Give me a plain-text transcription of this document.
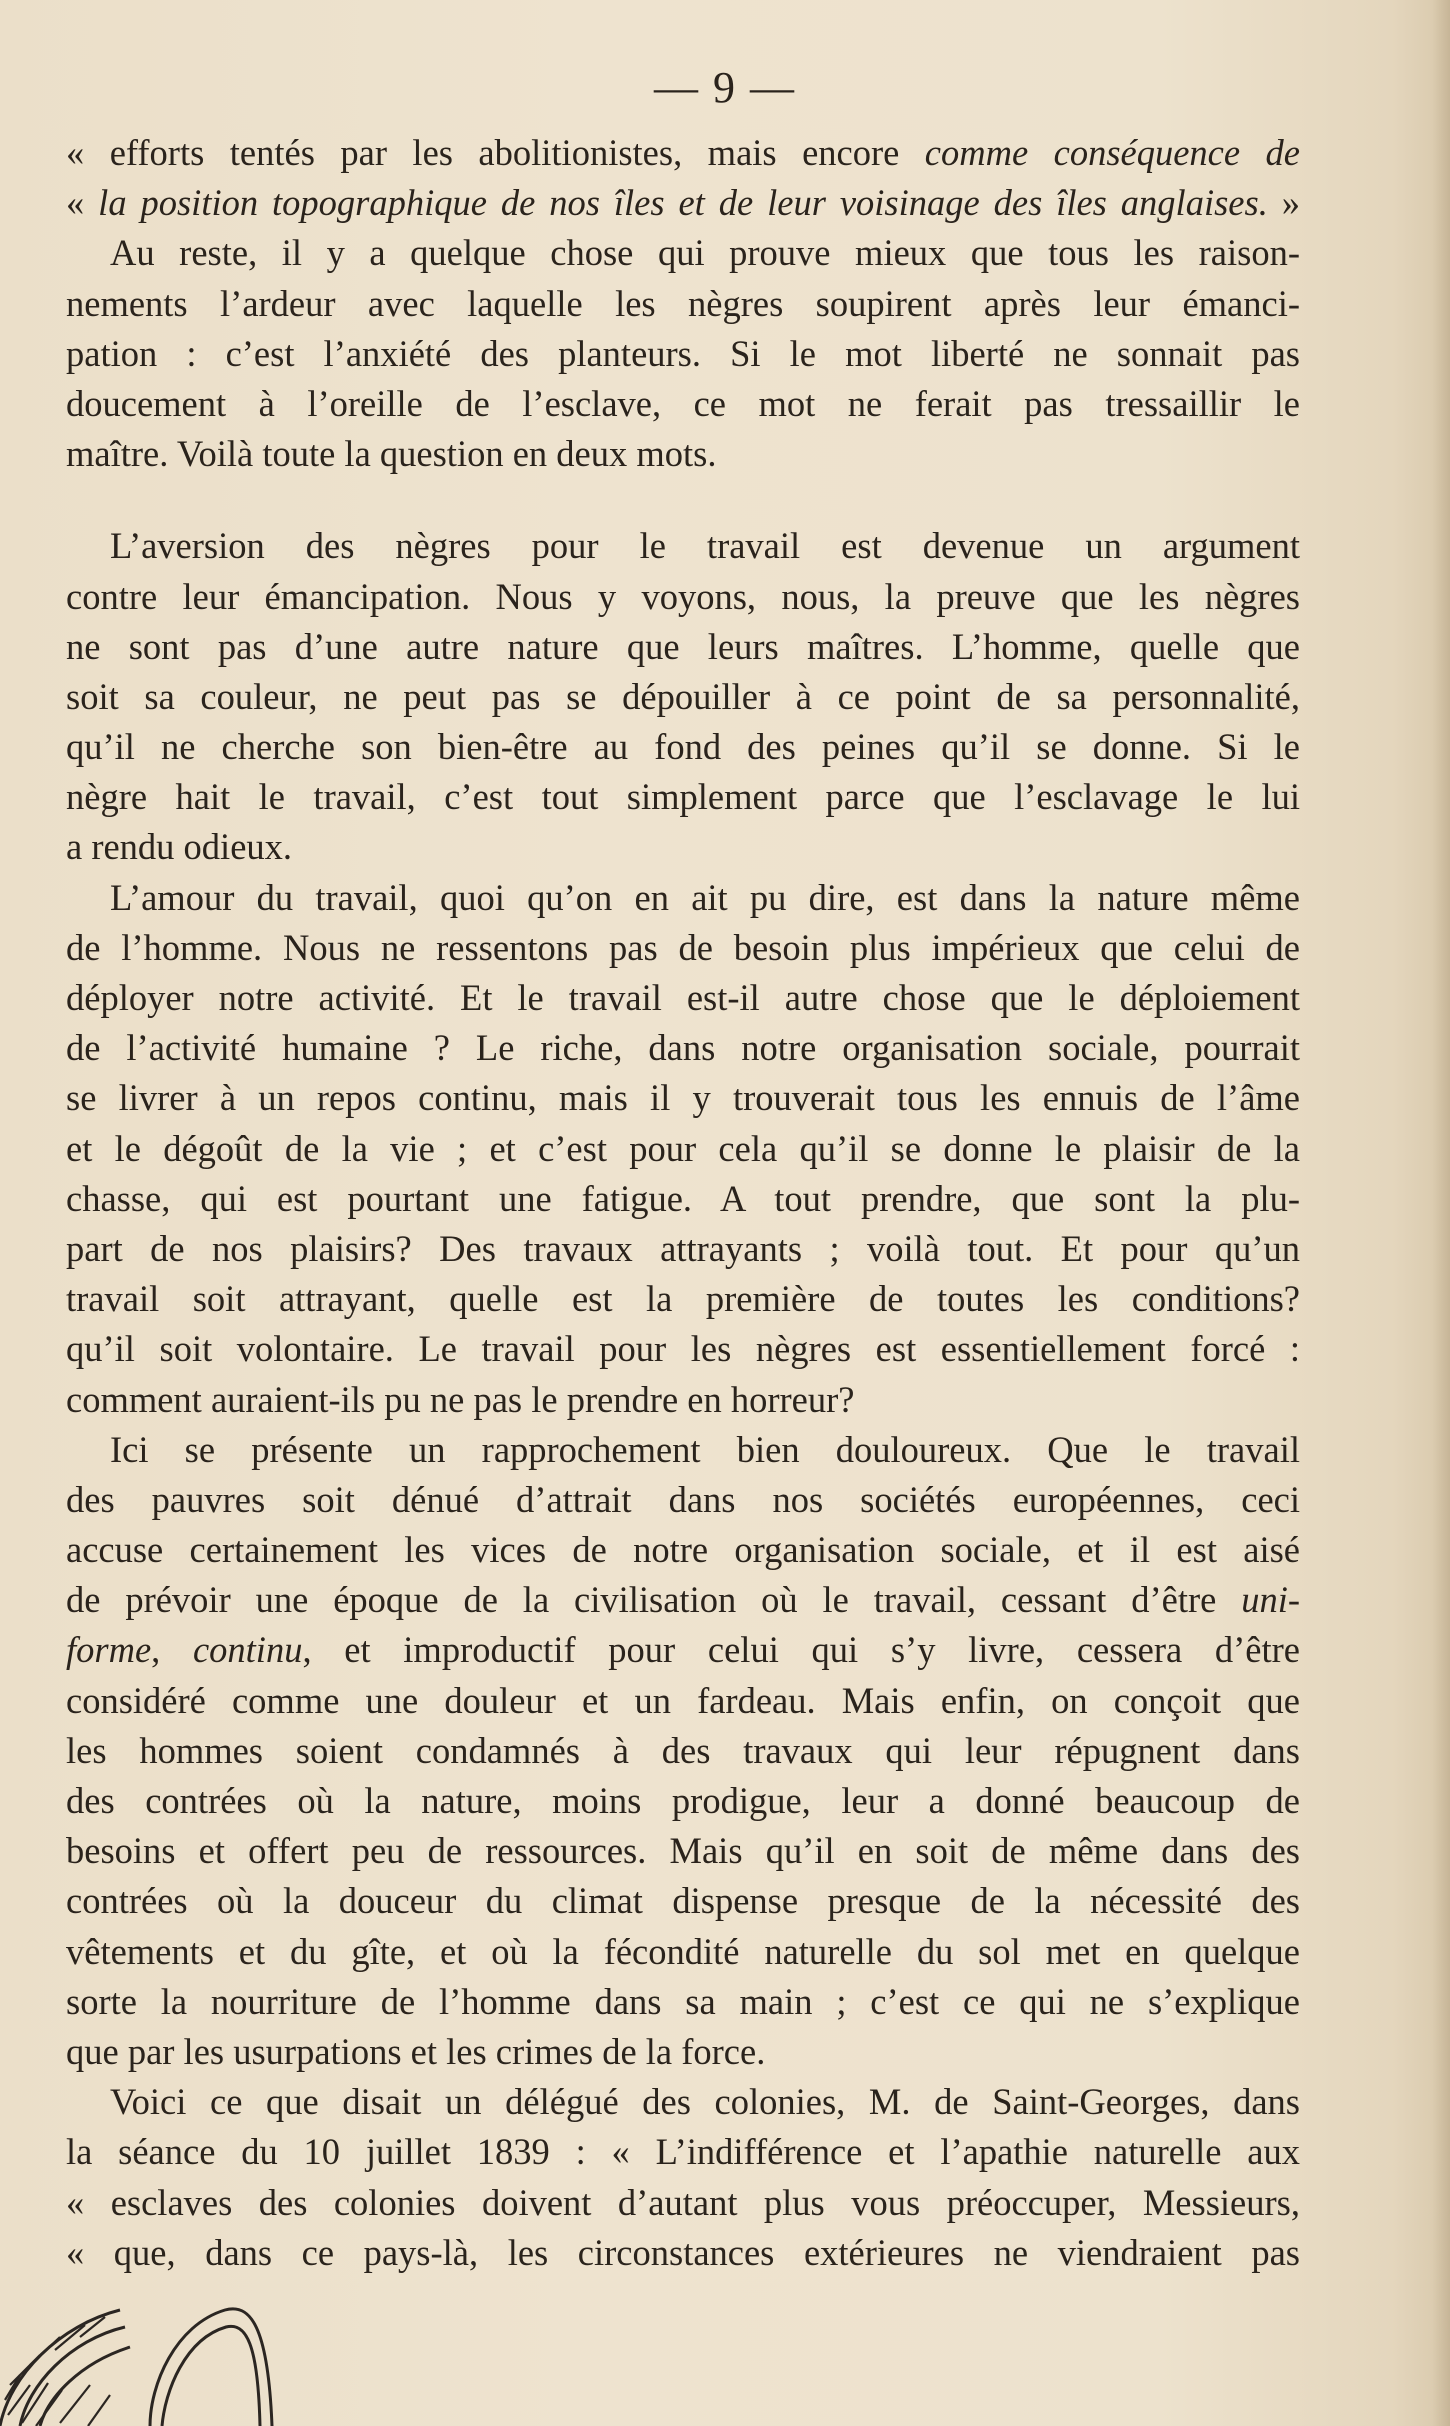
— 9 —
« efforts tentés par les abolitionistes, mais encore comme conséquence de
« la position topographique de nos îles et de leur voisinage des îles anglaises. »
Au reste, il y a quelque chose qui prouve mieux que tous les raison-
nements l’ardeur avec laquelle les nègres soupirent après leur émanci-
pation : c’est l’anxiété des planteurs. Si le mot liberté ne sonnait pas
doucement à l’oreille de l’esclave, ce mot ne ferait pas tressaillir le
maître. Voilà toute la question en deux mots.
L’aversion des nègres pour le travail est devenue un argument
contre leur émancipation. Nous y voyons, nous, la preuve que les nègres
ne sont pas d’une autre nature que leurs maîtres. L’homme, quelle que
soit sa couleur, ne peut pas se dépouiller à ce point de sa personnalité,
qu’il ne cherche son bien-être au fond des peines qu’il se donne. Si le
nègre hait le travail, c’est tout simplement parce que l’esclavage le lui
a rendu odieux.
L’amour du travail, quoi qu’on en ait pu dire, est dans la nature même
de l’homme. Nous ne ressentons pas de besoin plus impérieux que celui de
déployer notre activité. Et le travail est-il autre chose que le déploiement
de l’activité humaine ? Le riche, dans notre organisation sociale, pourrait
se livrer à un repos continu, mais il y trouverait tous les ennuis de l’âme
et le dégoût de la vie ; et c’est pour cela qu’il se donne le plaisir de la
chasse, qui est pourtant une fatigue. A tout prendre, que sont la plu-
part de nos plaisirs? Des travaux attrayants ; voilà tout. Et pour qu’un
travail soit attrayant, quelle est la première de toutes les conditions?
qu’il soit volontaire. Le travail pour les nègres est essentiellement forcé :
comment auraient-ils pu ne pas le prendre en horreur?
Ici se présente un rapprochement bien douloureux. Que le travail
des pauvres soit dénué d’attrait dans nos sociétés européennes, ceci
accuse certainement les vices de notre organisation sociale, et il est aisé
de prévoir une époque de la civilisation où le travail, cessant d’être uni-
forme, continu, et improductif pour celui qui s’y livre, cessera d’être
considéré comme une douleur et un fardeau. Mais enfin, on conçoit que
les hommes soient condamnés à des travaux qui leur répugnent dans
des contrées où la nature, moins prodigue, leur a donné beaucoup de
besoins et offert peu de ressources. Mais qu’il en soit de même dans des
contrées où la douceur du climat dispense presque de la nécessité des
vêtements et du gîte, et où la fécondité naturelle du sol met en quelque
sorte la nourriture de l’homme dans sa main ; c’est ce qui ne s’explique
que par les usurpations et les crimes de la force.
Voici ce que disait un délégué des colonies, M. de Saint-Georges, dans
la séance du 10 juillet 1839 : « L’indifférence et l’apathie naturelle aux
« esclaves des colonies doivent d’autant plus vous préoccuper, Messieurs,
« que, dans ce pays-là, les circonstances extérieures ne viendraient pas
